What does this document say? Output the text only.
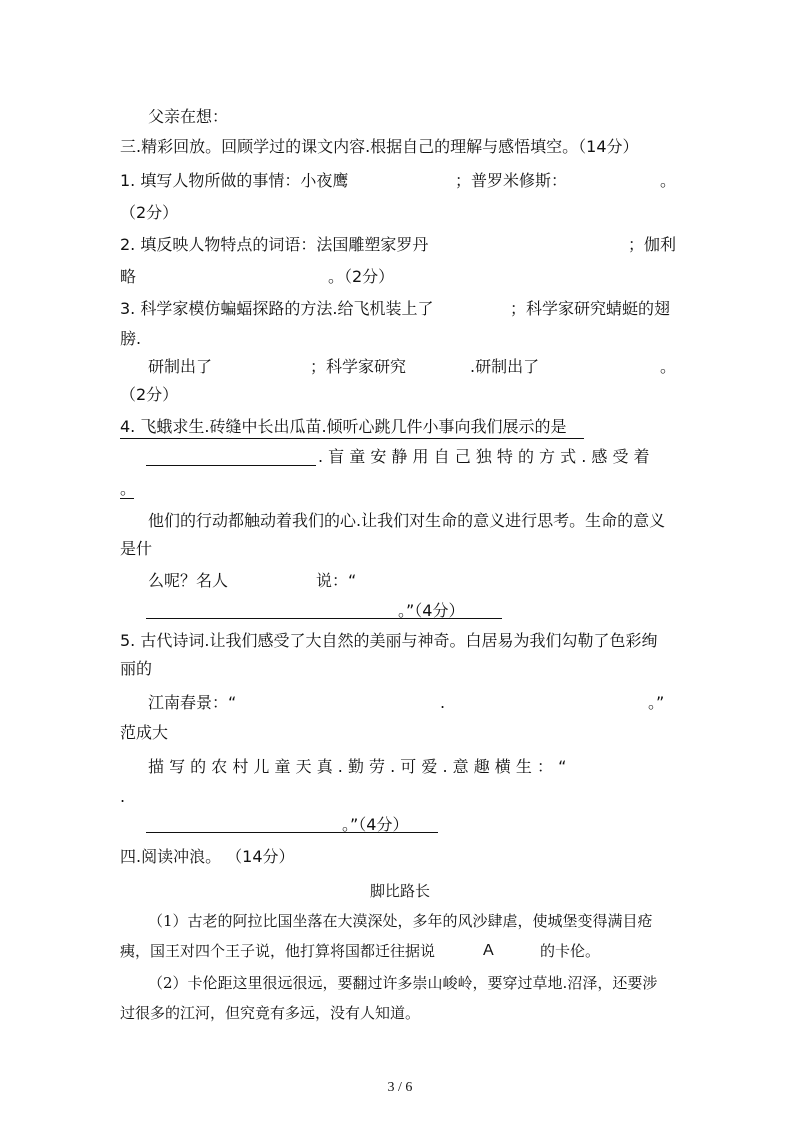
父亲在想：
三.精彩回放。回顾学过的课文内容.根据自己的理解与感悟填空。（14分）
1. 填写人物所做的事情：小夜鹰	；普罗米修斯：	。
（2分）
2. 填反映人物特点的词语：法国雕塑家罗丹	；伽利
略	。（2分）
3. 科学家模仿蝙蝠探路的方法.给飞机装上了	；科学家研究蜻蜓的翅
膀.
研制出了	；科学家研究	.研制出了	。
（2分）
4. 飞蛾求生.砖缝中长出瓜苗.倾听心跳几件小事向我们展示的是
. 盲 童 安 静 用 自 己 独 特 的 方 式 . 感 受 着
。
他们的行动都触动着我们的心.让我们对生命的意义进行思考。生命的意义
是什
么呢？名人	说：“
。”（4分）
5. 古代诗词.让我们感受了大自然的美丽与神奇。白居易为我们勾勒了色彩绚
丽的
江南春景：“	.	。”
范成大
描 写 的 农 村 儿 童 天 真 . 勤 劳 . 可 爱 . 意 趣 横 生 ： “
.
。”（4分）
四.阅读冲浪。 （14分）
脚比路长
（1）古老的阿拉比国坐落在大漠深处，多年的风沙肆虐，使城堡变得满目疮
痍，国王对四个王子说，他打算将国都迁往据说	A	的卡伦。
（2）卡伦距这里很远很远，要翻过许多崇山峻岭，要穿过草地.沼泽，还要涉
过很多的江河，但究竟有多远，没有人知道。
3 / 6
